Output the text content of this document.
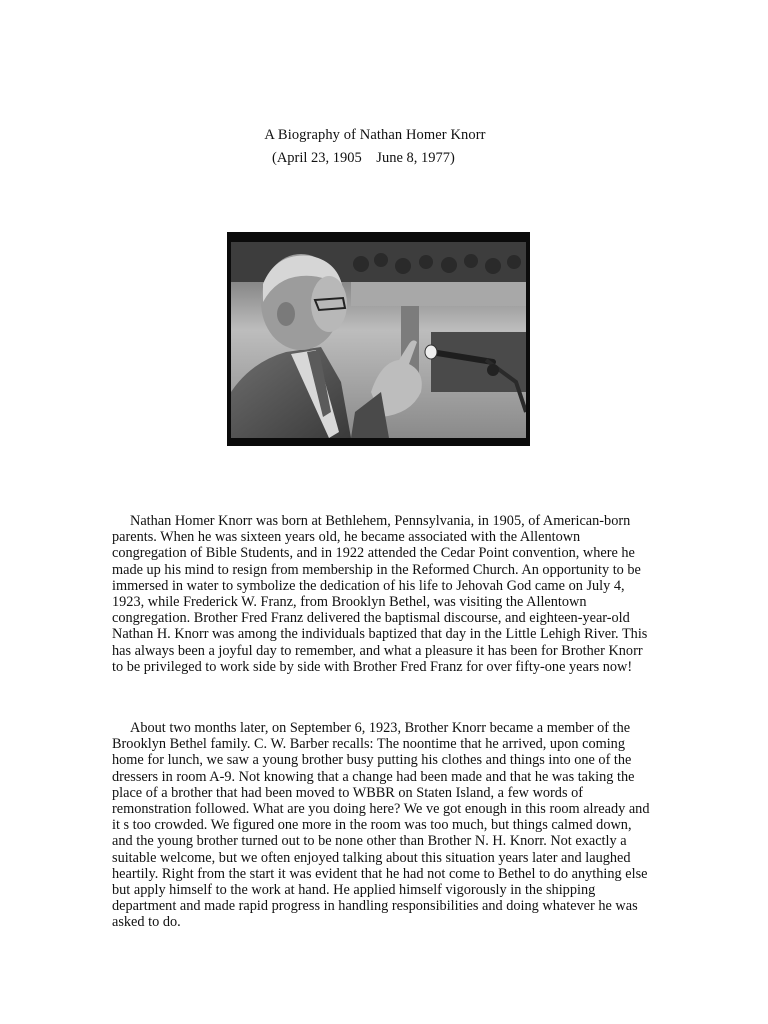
A Biography of Nathan Homer Knorr
(April 23, 1905    June 8, 1977)

Nathan Homer Knorr was born at Bethlehem, Pennsylvania, in 1905, of American-born parents. When he was sixteen years old, he became associated with the Allentown congregation of Bible Students, and in 1922 attended the Cedar Point convention, where he made up his mind to resign from membership in the Reformed Church. An opportunity to be immersed in water to symbolize the dedication of his life to Jehovah God came on July 4, 1923, while Frederick W. Franz, from Brooklyn Bethel, was visiting the Allentown congregation. Brother Fred Franz delivered the baptismal discourse, and eighteen-year-old Nathan H. Knorr was among the individuals baptized that day in the Little Lehigh River. This has always been a joyful day to remember, and what a pleasure it has been for Brother Knorr to be privileged to work side by side with Brother Fred Franz for over fifty-one years now!

About two months later, on September 6, 1923, Brother Knorr became a member of the Brooklyn Bethel family. C. W. Barber recalls: The noontime that he arrived, upon coming home for lunch, we saw a young brother busy putting his clothes and things into one of the dressers in room A-9. Not knowing that a change had been made and that he was taking the place of a brother that had been moved to WBBR on Staten Island, a few words of remonstration followed. What are you doing here? We ve got enough in this room already and it s too crowded. We figured one more in the room was too much, but things calmed down, and the young brother turned out to be none other than Brother N. H. Knorr. Not exactly a suitable welcome, but we often enjoyed talking about this situation years later and laughed heartily. Right from the start it was evident that he had not come to Bethel to do anything else but apply himself to the work at hand. He applied himself vigorously in the shipping department and made rapid progress in handling responsibilities and doing whatever he was asked to do.
